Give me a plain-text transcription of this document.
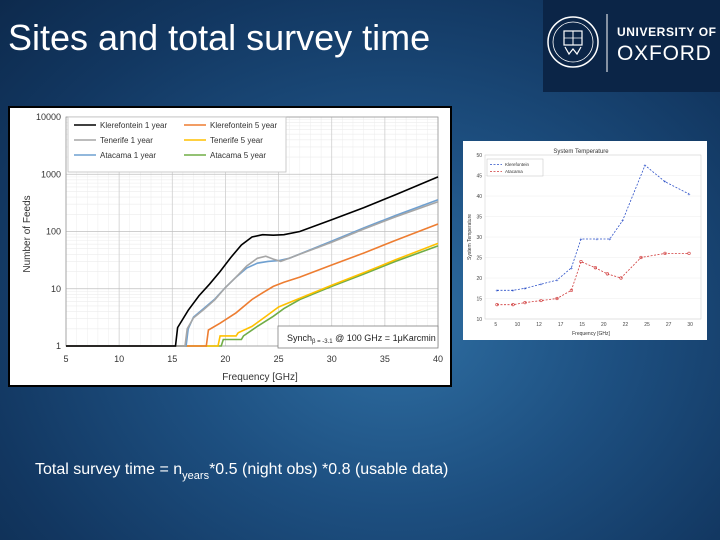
Sites and total survey time	UNIVERSITY OF
OXFORD
1
10
100
1000
10000
5	10	15	20	25	30	35	40
Klerefontein 1 year
Tenerife 1 year
Atacama 1 year
Klerefontein 5 year
Tenerife 5 year
Atacama 5 year
Synch$_{\beta = -3.1}$ @ 100 GHz = 1μKarcmin
Frequency [GHz]
Number of Feeds
+	+ +
+
+
+
+	+ +
+
+
+
+
10
15
20
25
30
35
40
45
50
5	10	12	17	15	20	22	25	27	30
Klerefontein
Atacama
System Temperature
Frequency [GHz]
System Temperature
Total survey time = $n_{years}*0.5$ (night obs) *0.8 (usable data)
